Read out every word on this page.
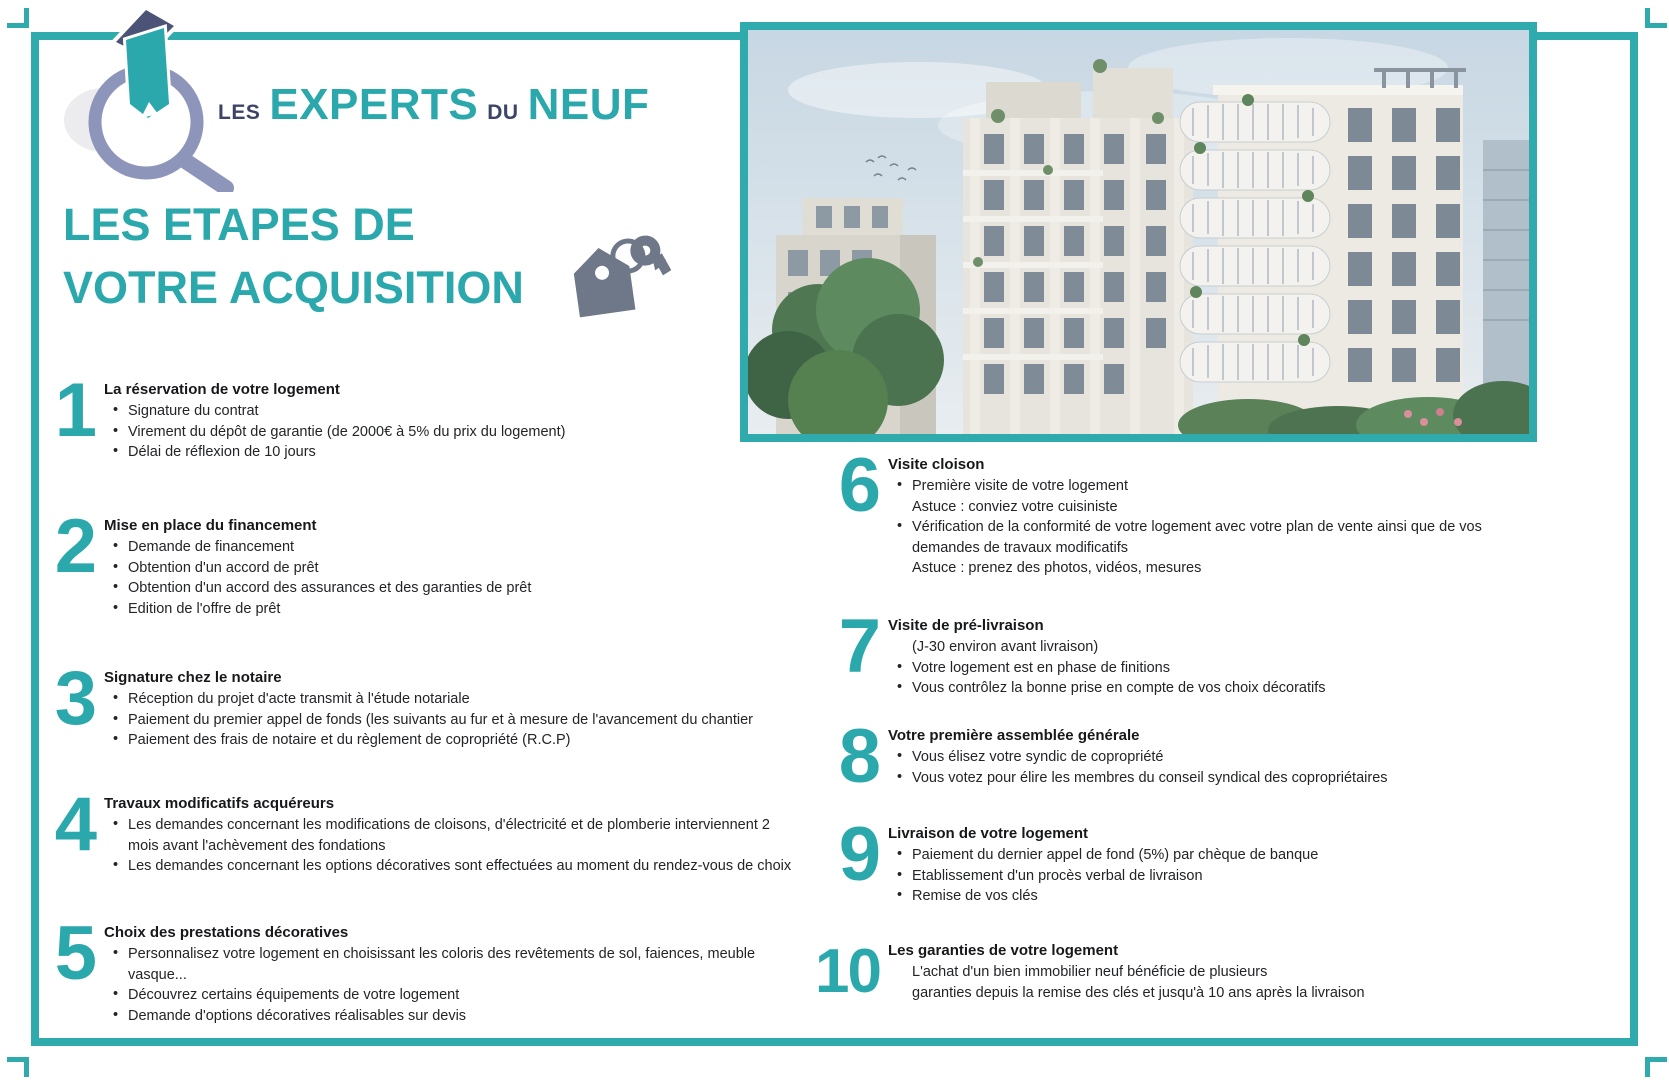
LES EXPERTS DU NEUF
LES ETAPES DE
VOTRE ACQUISITION
1 La réservation de votre logement
• Signature du contrat
• Virement du dépôt de garantie (de 2000€ à 5% du prix du logement)
• Délai de réflexion de 10 jours
2 Mise en place du financement
• Demande de financement
• Obtention d'un accord de prêt
• Obtention d'un accord des assurances et des garanties de prêt
• Edition de l'offre de prêt
3 Signature chez le notaire
• Réception du projet d'acte transmit à l'étude notariale
• Paiement du premier appel de fonds (les suivants au fur et à mesure de l'avancement du chantier
• Paiement des frais de notaire et du règlement de copropriété (R.C.P)
4 Travaux modificatifs acquéreurs
• Les demandes concernant les modifications de cloisons, d'électricité et de plomberie interviennent 2
mois avant l'achèvement des fondations
• Les demandes concernant les options décoratives sont effectuées au moment du rendez-vous de choix
5 Choix des prestations décoratives
• Personnalisez votre logement en choisissant les coloris des revêtements de sol, faiences, meuble
vasque...
• Découvrez certains équipements de votre logement
• Demande d'options décoratives réalisables sur devis
6 Visite cloison
• Première visite de votre logement
Astuce : conviez votre cuisiniste
• Vérification de la conformité de votre logement avec votre plan de vente ainsi que de vos
demandes de travaux modificatifs
Astuce : prenez des photos, vidéos, mesures
7 Visite de pré-livraison
(J-30 environ avant livraison)
• Votre logement est en phase de finitions
• Vous contrôlez la bonne prise en compte de vos choix décoratifs
8 Votre première assemblée générale
• Vous élisez votre syndic de copropriété
• Vous votez pour élire les membres du conseil syndical des copropriétaires
9 Livraison de votre logement
• Paiement du dernier appel de fond (5%) par chèque de banque
• Etablissement d'un procès verbal de livraison
• Remise de vos clés
10 Les garanties de votre logement
L'achat d'un bien immobilier neuf bénéficie de plusieurs
garanties depuis la remise des clés et jusqu'à 10 ans après la livraison
